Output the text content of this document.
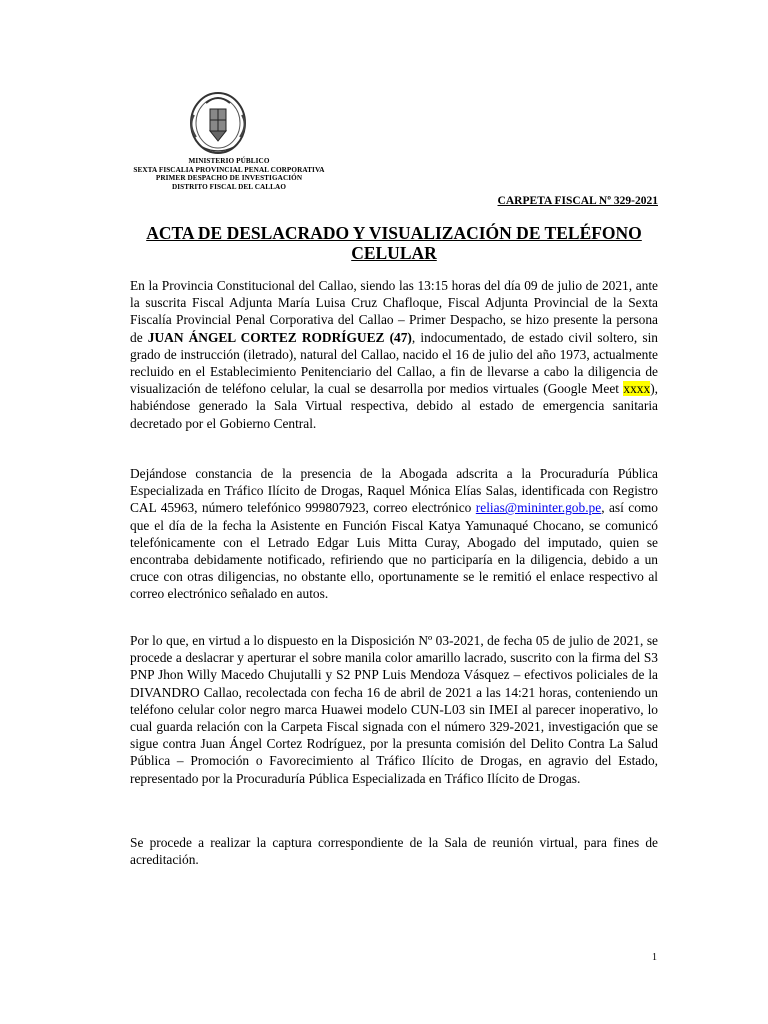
MINISTERIO PÚBLICO
SEXTA FISCALIA PROVINCIAL PENAL CORPORATIVA
PRIMER DESPACHO DE INVESTIGACIÓN
DISTRITO FISCAL DEL CALLAO
CARPETA FISCAL Nº 329-2021
ACTA DE DESLACRADO Y VISUALIZACIÓN DE TELÉFONO CELULAR
En la Provincia Constitucional del Callao, siendo las 13:15 horas del día 09 de julio de 2021, ante la suscrita Fiscal Adjunta María Luisa Cruz Chafloque, Fiscal Adjunta Provincial de la Sexta Fiscalía Provincial Penal Corporativa del Callao – Primer Despacho, se hizo presente la persona de JUAN ÁNGEL CORTEZ RODRÍGUEZ (47), indocumentado, de estado civil soltero, sin grado de instrucción (iletrado), natural del Callao, nacido el 16 de julio del año 1973, actualmente recluido en el Establecimiento Penitenciario del Callao, a fin de llevarse a cabo la diligencia de visualización de teléfono celular, la cual se desarrolla por medios virtuales (Google Meet xxxx), habiéndose generado la Sala Virtual respectiva, debido al estado de emergencia sanitaria decretado por el Gobierno Central.
Dejándose constancia de la presencia de la Abogada adscrita a la Procuraduría Pública Especializada en Tráfico Ilícito de Drogas, Raquel Mónica Elías Salas, identificada con Registro CAL 45963, número telefónico 999807923, correo electrónico relias@mininter.gob.pe, así como que el día de la fecha la Asistente en Función Fiscal Katya Yamunaqué Chocano, se comunicó telefónicamente con el Letrado Edgar Luis Mitta Curay, Abogado del imputado, quien se encontraba debidamente notificado, refiriendo que no participaría en la diligencia, debido a un cruce con otras diligencias, no obstante ello, oportunamente se le remitió el enlace respectivo al correo electrónico señalado en autos.
Por lo que, en virtud a lo dispuesto en la Disposición Nº 03-2021, de fecha 05 de julio de 2021, se procede a deslacrar y aperturar el sobre manila color amarillo lacrado, suscrito con la firma del S3 PNP Jhon Willy Macedo Chujutalli y S2 PNP Luis Mendoza Vásquez – efectivos policiales de la DIVANDRO Callao, recolectada con fecha 16 de abril de 2021 a las 14:21 horas, conteniendo un teléfono celular color negro marca Huawei modelo CUN-L03 sin IMEI al parecer inoperativo, lo cual guarda relación con la Carpeta Fiscal signada con el número 329-2021, investigación que se sigue contra Juan Ángel Cortez Rodríguez, por la presunta comisión del Delito Contra La Salud Pública – Promoción o Favorecimiento al Tráfico Ilícito de Drogas, en agravio del Estado, representado por la Procuraduría Pública Especializada en Tráfico Ilícito de Drogas.
Se procede a realizar la captura correspondiente de la Sala de reunión virtual, para fines de acreditación.
1
